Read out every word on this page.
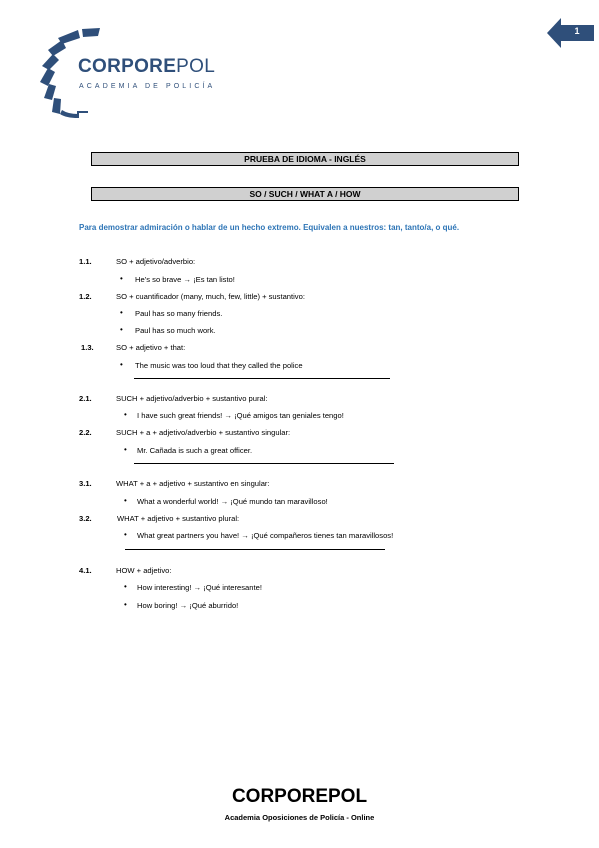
CORPOREPOL
ACADEMIA DE POLICÍA
1
PRUEBA DE IDIOMA - INGLÉS
SO / SUCH / WHAT A / HOW
Para demostrar admiración o hablar de un hecho extremo. Equivalen a nuestros: tan, tanto/a, o qué.
1.1.	SO + adjetivo/adverbio:
• He’s so brave → ¡Es tan listo!
1.2.	SO + cuantificador (many, much, few, little) + sustantivo:
• Paul has so many friends.
• Paul has so much work.
1.3.	SO + adjetivo + that:
• The music was too loud that they called the police
2.1.	SUCH + adjetivo/adverbio + sustantivo pural:
• I have such great friends! → ¡Qué amigos tan geniales tengo!
2.2.	SUCH + a + adjetivo/adverbio + sustantivo singular:
• Mr. Cañada is such a great officer.
3.1.	WHAT + a + adjetivo + sustantivo en singular:
• What a wonderful world! → ¡Qué mundo tan maravilloso!
3.2.	WHAT + adjetivo + sustantivo plural:
• What great partners you have! → ¡Qué compañeros tienes tan maravillosos!
4.1.	HOW + adjetivo:
• How interesting! → ¡Qué interesante!
• How boring! → ¡Qué aburrido!
CORPOREPOL
Academia Oposiciones de Policía - Online
